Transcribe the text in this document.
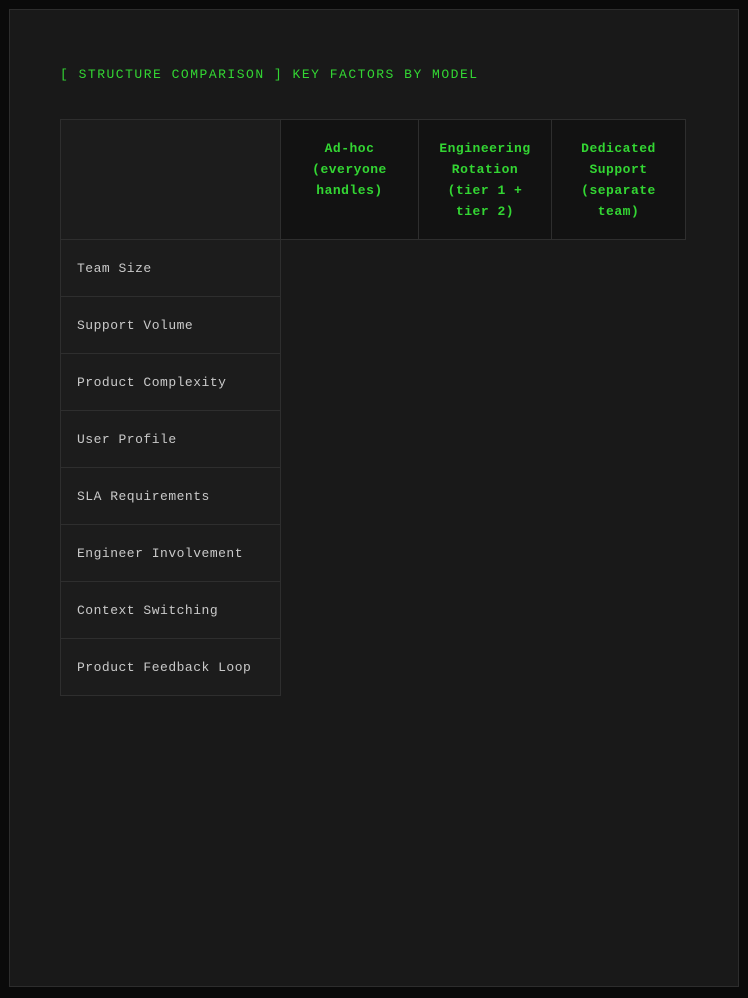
[ STRUCTURE COMPARISON ] KEY FACTORS BY MODEL
	Ad-hoc (everyone handles)	Engineering Rotation (tier 1 + tier 2)	Dedicated Support (separate team)
Team Size
Support Volume
Product Complexity
User Profile
SLA Requirements
Engineer Involvement
Context Switching
Product Feedback Loop
